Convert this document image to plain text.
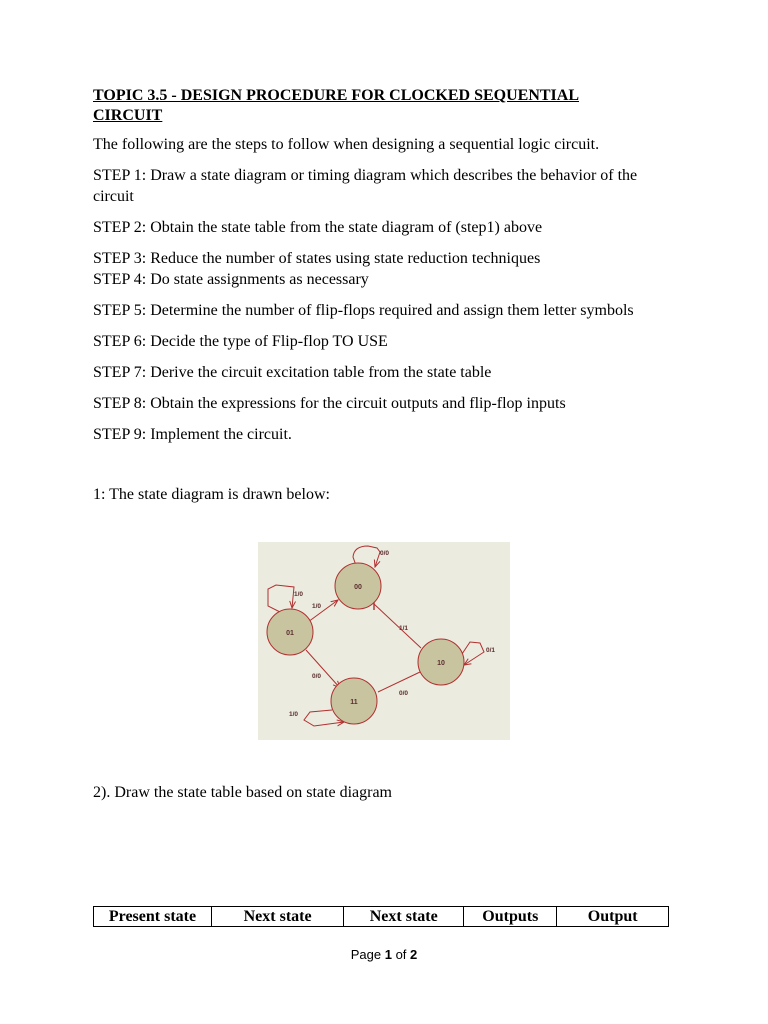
TOPIC 3.5 - DESIGN PROCEDURE FOR CLOCKED SEQUENTIAL
CIRCUIT

The following are the steps to follow when designing a sequential logic circuit.

STEP 1: Draw a state diagram or timing diagram which describes the behavior of the circuit

STEP 2: Obtain the state table from the state diagram of (step1) above

STEP 3: Reduce the number of states using state reduction techniques

STEP 4: Do state assignments as necessary

STEP 5: Determine the number of flip-flops required and assign them letter symbols

STEP 6: Decide the type of Flip-flop TO USE

STEP 7: Derive the circuit excitation table from the state table

STEP 8: Obtain the expressions for the circuit outputs and flip-flop inputs

STEP 9: Implement the circuit.

1: The state diagram is drawn below:

00
01
10
11
0/0
1/0
1/0
1/1
0/1
0/0
0/0
1/0

2). Draw the state table based on state diagram

Present state	Next state	Next state	Outputs	Output
Page 1 of 2
